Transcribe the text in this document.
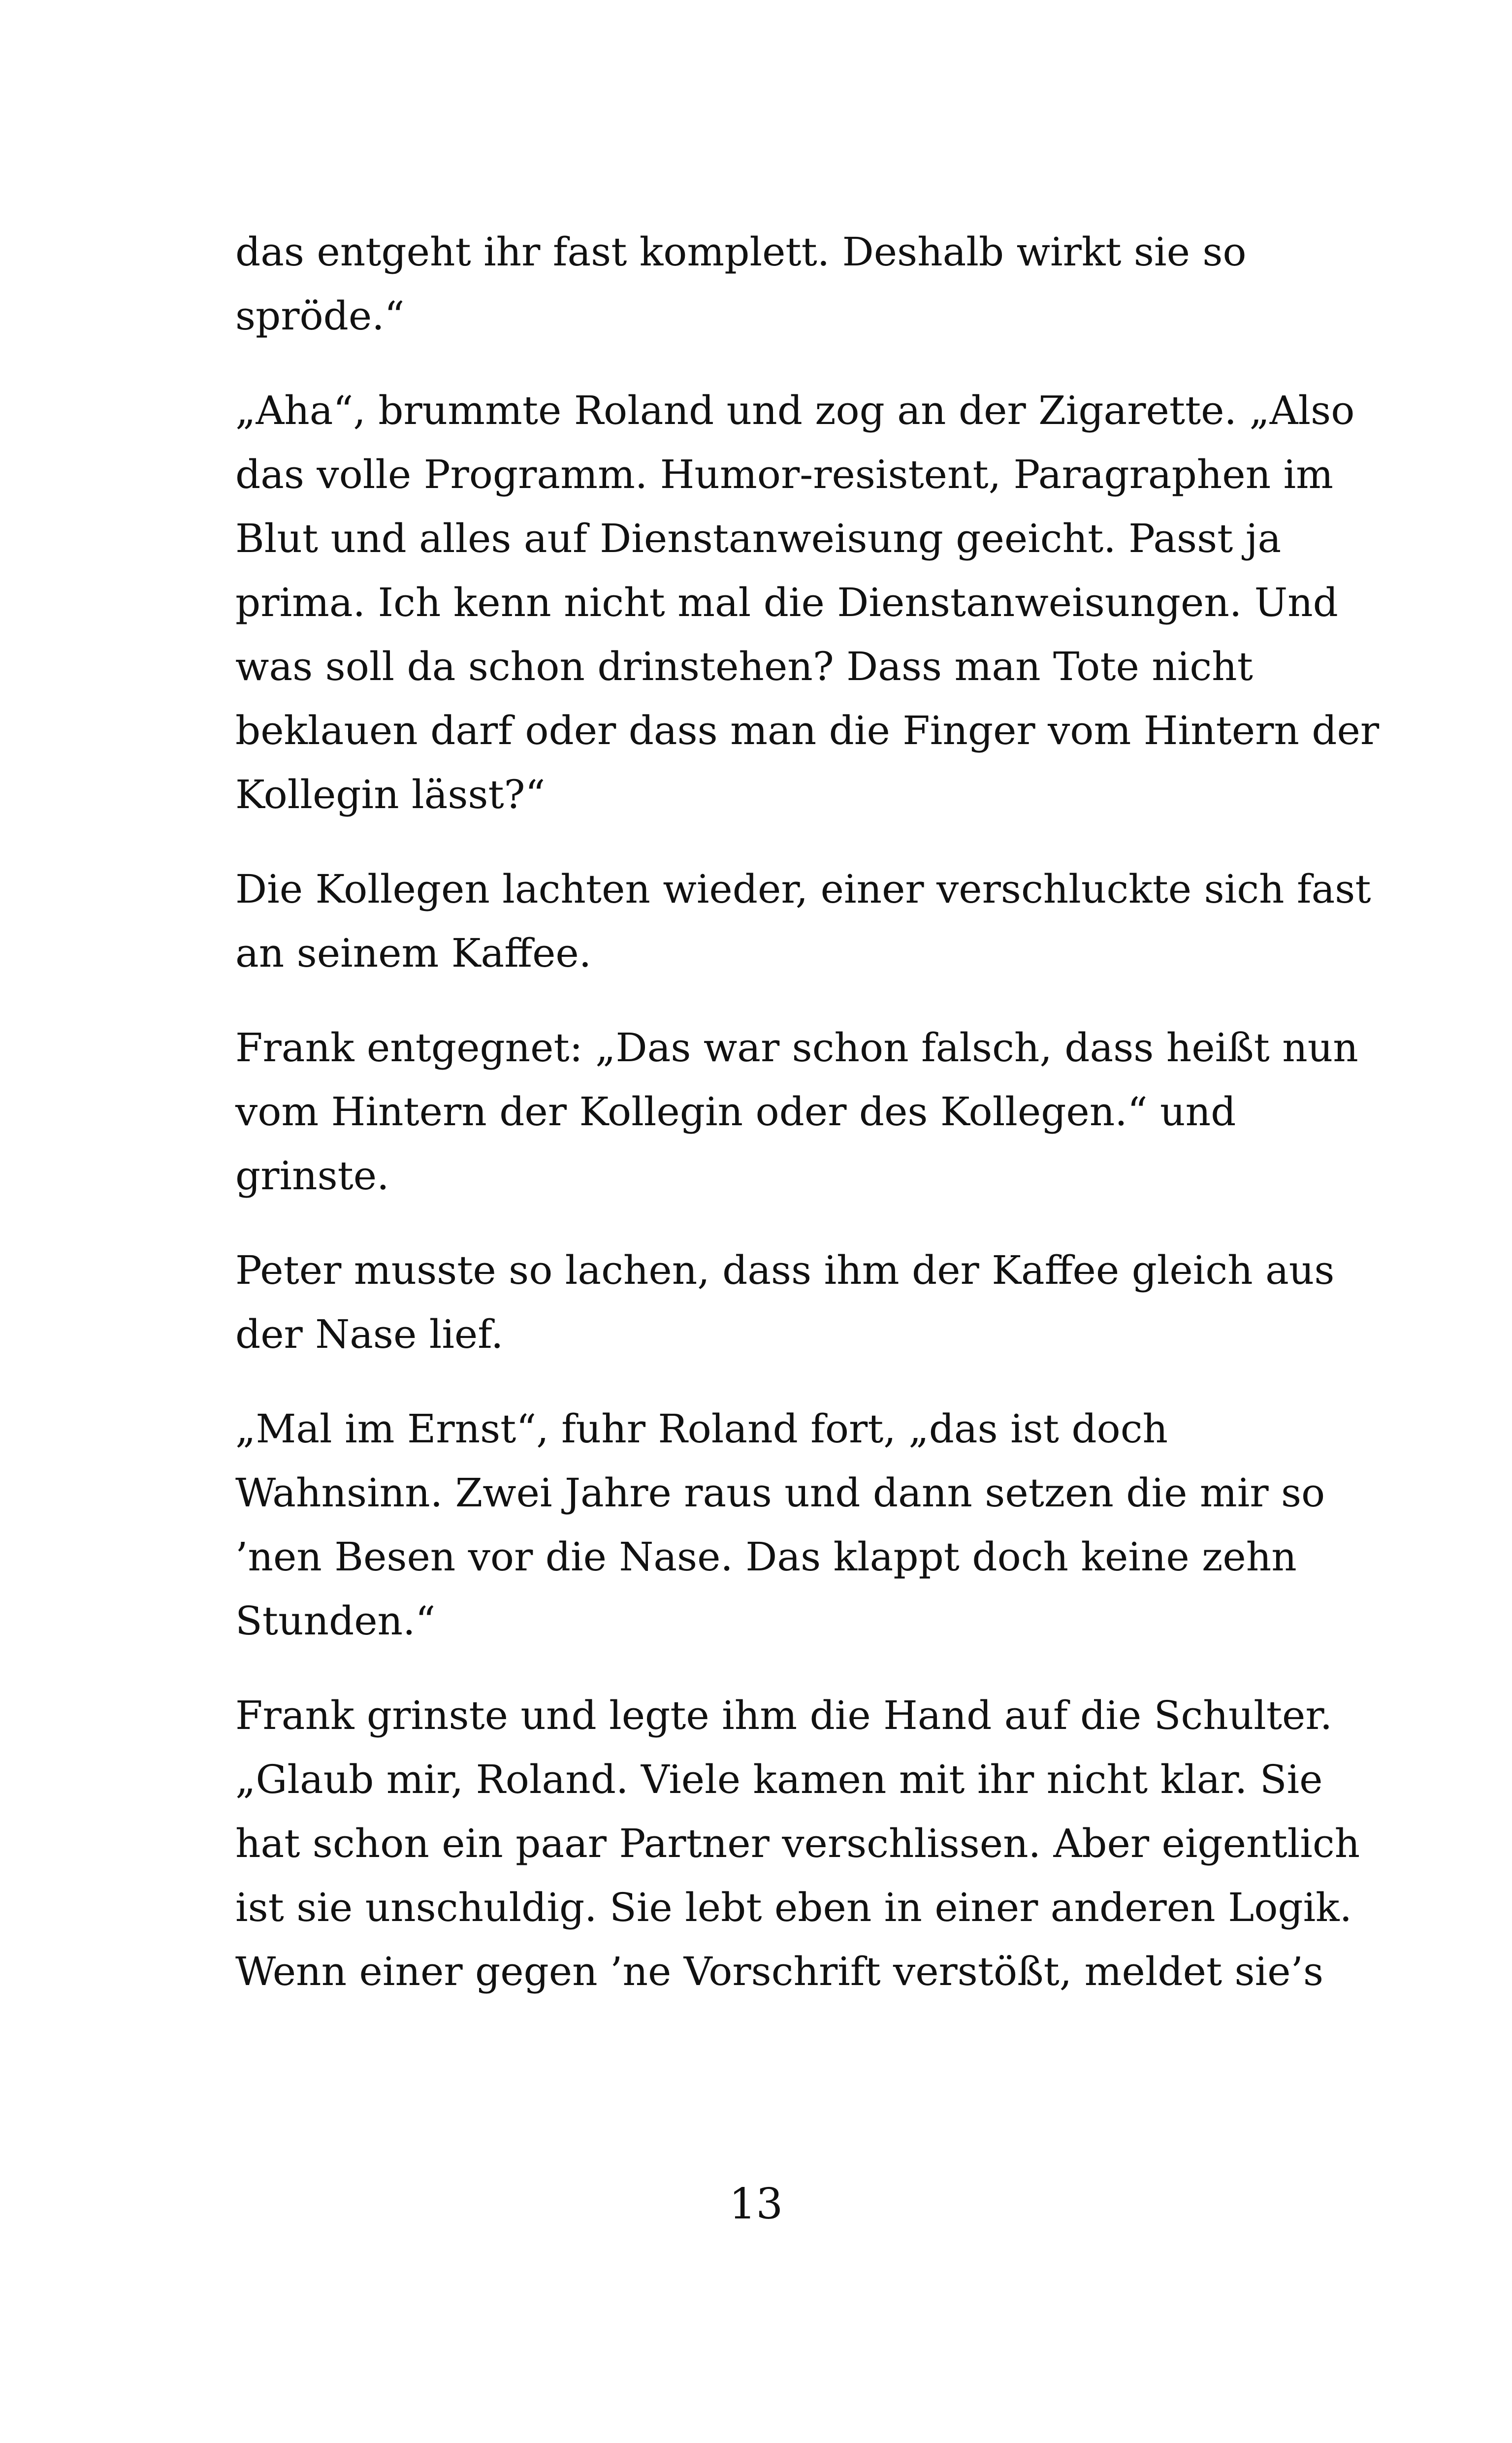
das entgeht ihr fast komplett. Deshalb wirkt sie so
spröde.“
„Aha“, brummte Roland und zog an der Zigarette. „Also
das volle Programm. Humor-resistent, Paragraphen im
Blut und alles auf Dienstanweisung geeicht. Passt ja
prima. Ich kenn nicht mal die Dienstanweisungen. Und
was soll da schon drinstehen? Dass man Tote nicht
beklauen darf oder dass man die Finger vom Hintern der
Kollegin lässt?“
Die Kollegen lachten wieder, einer verschluckte sich fast
an seinem Kaffee.
Frank entgegnet: „Das war schon falsch, dass heißt nun
vom Hintern der Kollegin oder des Kollegen.“ und
grinste.
Peter musste so lachen, dass ihm der Kaffee gleich aus
der Nase lief.
„Mal im Ernst“, fuhr Roland fort, „das ist doch
Wahnsinn. Zwei Jahre raus und dann setzen die mir so
’nen Besen vor die Nase. Das klappt doch keine zehn
Stunden.“
Frank grinste und legte ihm die Hand auf die Schulter.
„Glaub mir, Roland. Viele kamen mit ihr nicht klar. Sie
hat schon ein paar Partner verschlissen. Aber eigentlich
ist sie unschuldig. Sie lebt eben in einer anderen Logik.
Wenn einer gegen ’ne Vorschrift verstößt, meldet sie’s
13
